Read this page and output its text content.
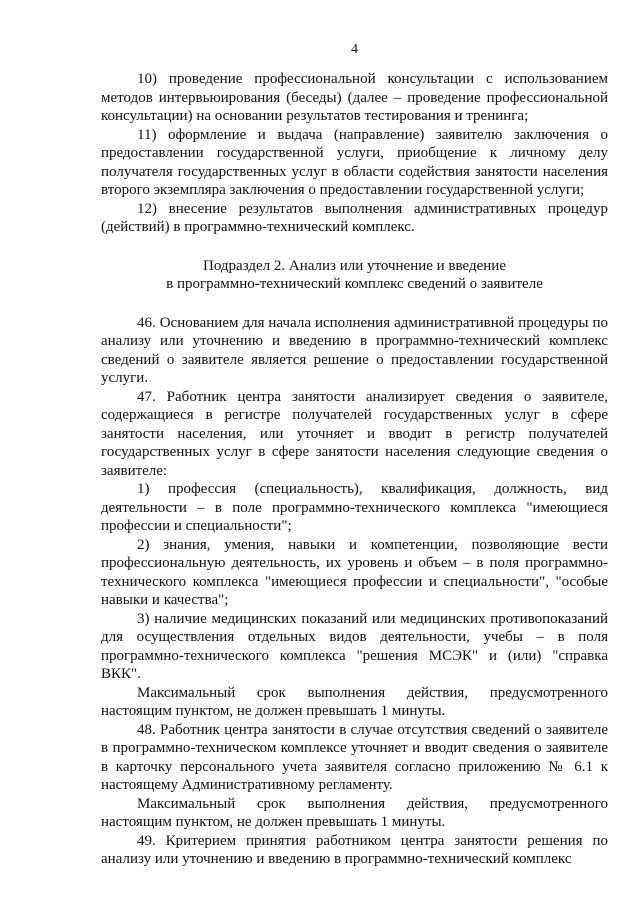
4

10) проведение профессиональной консультации с использованием методов интервьюирования (беседы) (далее – проведение профессиональной консультации) на основании результатов тестирования и тренинга;

11) оформление и выдача (направление) заявителю заключения о предоставлении государственной услуги, приобщение к личному делу получателя государственных услуг в области содействия занятости населения второго экземпляра заключения о предоставлении государственной услуги;

12) внесение результатов выполнения административных процедур (действий) в программно-технический комплекс.

Подраздел 2. Анализ или уточнение и введение
в программно-технический комплекс сведений о заявителе

46. Основанием для начала исполнения административной процедуры по анализу или уточнению и введению в программно-технический комплекс сведений о заявителе является решение о предоставлении государственной услуги.

47. Работник центра занятости анализирует сведения о заявителе, содержащиеся в регистре получателей государственных услуг в сфере занятости населения, или уточняет и вводит в регистр получателей государственных услуг в сфере занятости населения следующие сведения о заявителе:

1) профессия (специальность), квалификация, должность, вид деятельности – в поле программно-технического комплекса "имеющиеся профессии и специальности";

2) знания, умения, навыки и компетенции, позволяющие вести профессиональную деятельность, их уровень и объем – в поля программно-технического комплекса "имеющиеся профессии и специальности", "особые навыки и качества";

3) наличие медицинских показаний или медицинских противопоказаний для осуществления отдельных видов деятельности, учебы – в поля программно-технического комплекса "решения МСЭК" и (или) "справка ВКК".

Максимальный срок выполнения действия, предусмотренного настоящим пунктом, не должен превышать 1 минуты.

48. Работник центра занятости в случае отсутствия сведений о заявителе в программно-техническом комплексе уточняет и вводит сведения о заявителе в карточку персонального учета заявителя согласно приложению № 6.1 к настоящему Административному регламенту.

Максимальный срок выполнения действия, предусмотренного настоящим пунктом, не должен превышать 1 минуты.

49. Критерием принятия работником центра занятости решения по анализу или уточнению и введению в программно-технический комплекс
